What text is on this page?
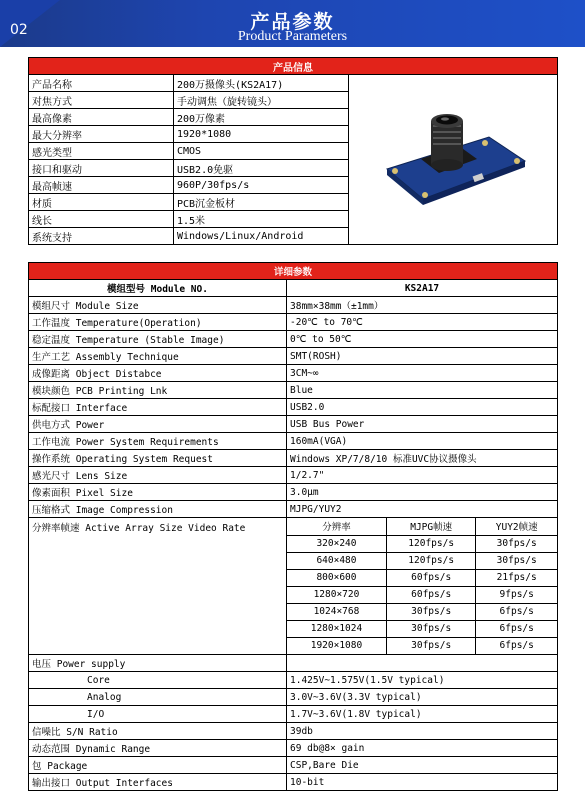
02	产品参数
Product Parameters
产品信息		
产品名称	200万摄像头(KS2A17)	

对焦方式	手动调焦（旋转镜头）	
最高像素	200万像素	
最大分辨率	1920*1080	
感光类型	CMOS	
接口和驱动	USB2.0免驱	
最高帧速	960P/30fps/s	
材质	PCB沉金板材	
线长	1.5米	
系统支持	Windows/Linux/Android	
详细参数
模组型号 Module NO.	KS2A17
模组尺寸 Module Size	38mm×38mm（±1mm）
工作温度 Temperature(Operation)	-20℃ to 70℃
稳定温度 Temperature (Stable Image)	0℃ to 50℃
生产工艺 Assembly Technique	SMT(ROSH)
成像距离 Object Distabce	3CM~∞
模块颜色 PCB Printing Lnk	Blue
标配接口 Interface	USB2.0
供电方式 Power	USB Bus Power
工作电流 Power System Requirements	160mA(VGA)
操作系统 Operating System Request	Windows XP/7/8/10 标准UVC协议摄像头
感光尺寸 Lens Size	1/2.7"
像素面积 Pixel Size	3.0μm
压缩格式 Image Compression	MJPG/YUY2
分辨率帧速 Active Array Size Video Rate		分辨率	MJPG帧速	YUY2帧速
320×240	120fps/s	30fps/s
640×480	120fps/s	30fps/s
800×600	60fps/s	21fps/s
1280×720	60fps/s	9fps/s
1024×768	30fps/s	6fps/s
1280×1024	30fps/s	6fps/s
1920×1080	30fps/s	6fps/s

电压 Power supply	
Core	1.425V~1.575V(1.5V typical)
Analog	3.0V~3.6V(3.3V typical)
I/O	1.7V~3.6V(1.8V typical)
信噪比 S/N Ratio	39db
动态范围 Dynamic Range	69 db@8× gain
包 Package	CSP,Bare Die
输出接口 Output Interfaces	10-bit
